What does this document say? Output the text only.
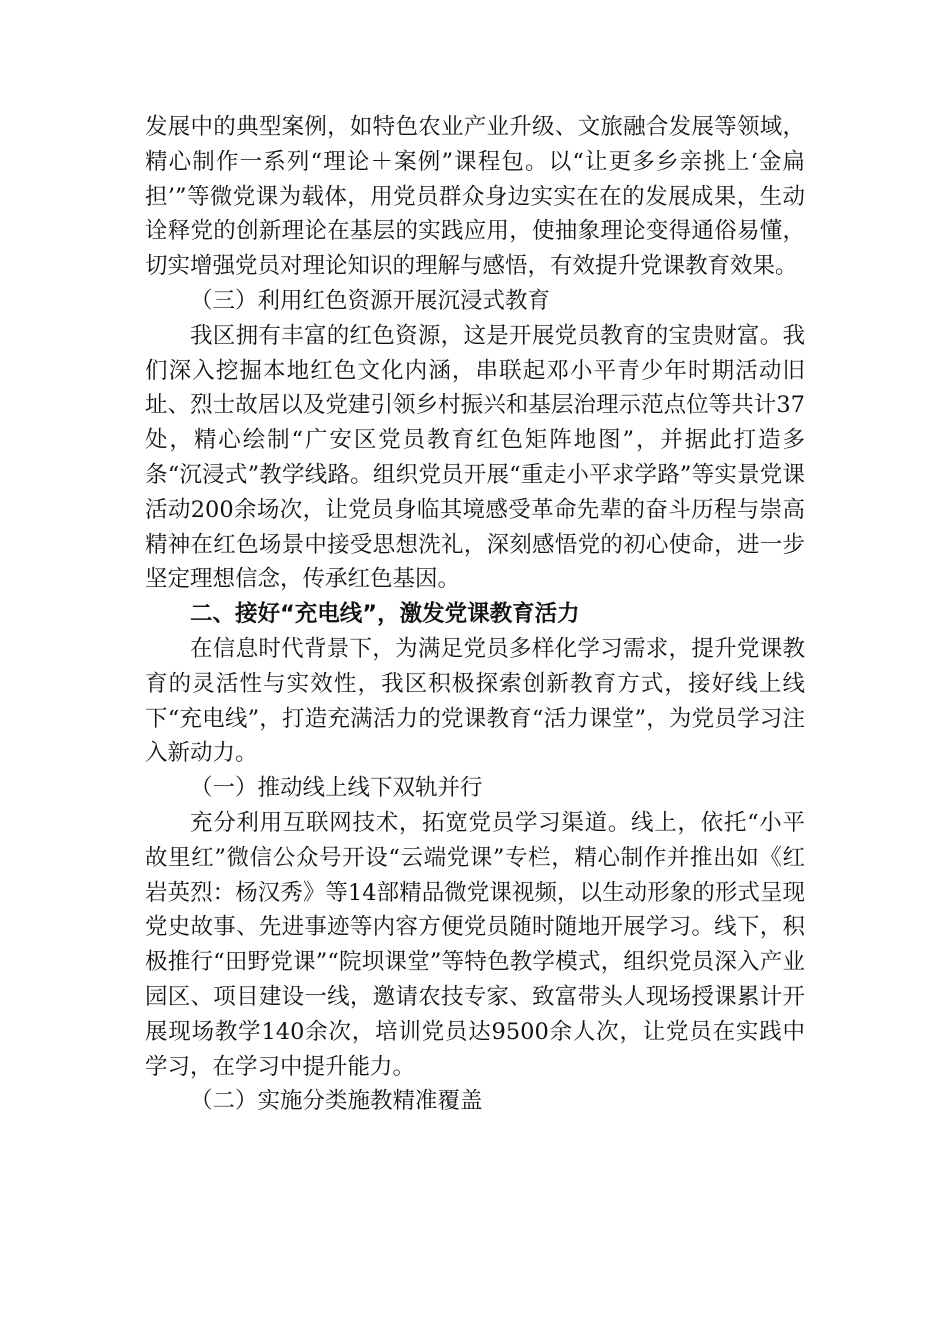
发展中的典型案例，如特色农业产业升级、文旅融合发展等领域，精心制作一系列“理论＋案例”课程包。以“让更多乡亲挑上‘金扁担’”等微党课为载体，用党员群众身边实实在在的发展成果，生动诠释党的创新理论在基层的实践应用，使抽象理论变得通俗易懂，切实增强党员对理论知识的理解与感悟，有效提升党课教育效果。

（三）利用红色资源开展沉浸式教育

我区拥有丰富的红色资源，这是开展党员教育的宝贵财富。我们深入挖掘本地红色文化内涵，串联起邓小平青少年时期活动旧址、烈士故居以及党建引领乡村振兴和基层治理示范点位等共计37处，精心绘制“广安区党员教育红色矩阵地图”，并据此打造多条“沉浸式”教学线路。组织党员开展“重走小平求学路”等实景党课活动200余场次，让党员身临其境感受革命先辈的奋斗历程与崇高精神在红色场景中接受思想洗礼，深刻感悟党的初心使命，进一步坚定理想信念，传承红色基因。

二、接好“充电线”，激发党课教育活力

在信息时代背景下，为满足党员多样化学习需求，提升党课教育的灵活性与实效性，我区积极探索创新教育方式，接好线上线下“充电线”，打造充满活力的党课教育“活力课堂”，为党员学习注入新动力。

（一）推动线上线下双轨并行

充分利用互联网技术，拓宽党员学习渠道。线上，依托“小平故里红”微信公众号开设“云端党课”专栏，精心制作并推出如《红岩英烈：杨汉秀》等14部精品微党课视频，以生动形象的形式呈现党史故事、先进事迹等内容方便党员随时随地开展学习。线下，积极推行“田野党课”“院坝课堂”等特色教学模式，组织党员深入产业园区、项目建设一线，邀请农技专家、致富带头人现场授课累计开展现场教学140余次，培训党员达9500余人次，让党员在实践中学习，在学习中提升能力。

（二）实施分类施教精准覆盖
